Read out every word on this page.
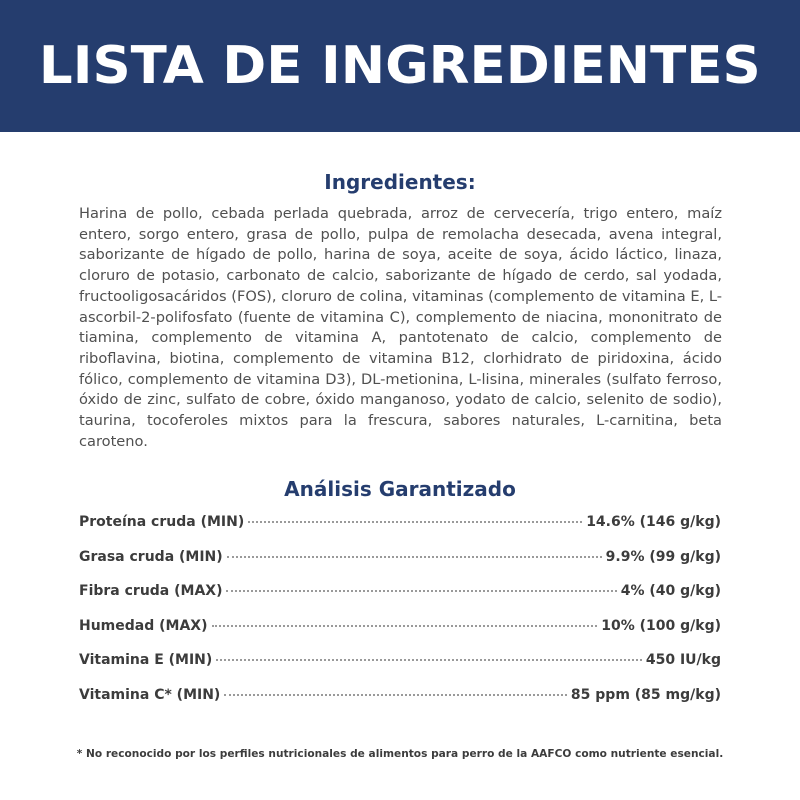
LISTA DE INGREDIENTES
Ingredientes:

Harina de pollo, cebada perlada quebrada, arroz de cervecería, trigo entero, maíz entero, sorgo entero, grasa de pollo, pulpa de remolacha desecada, avena integral, saborizante de hígado de pollo, harina de soya, aceite de soya, ácido láctico, linaza, cloruro de potasio, carbonato de calcio, saborizante de hígado de cerdo, sal yodada, fructooligosacáridos (FOS), cloruro de colina, vitaminas (complemento de vitamina E, L-ascorbil-2-polifosfato (fuente de vitamina C), complemento de niacina, mononitrato de tiamina, complemento de vitamina A, pantotenato de calcio, complemento de riboflavina, biotina, complemento de vitamina B12, clorhidrato de piridoxina, ácido fólico, complemento de vitamina D3), DL-metionina, L-lisina, minerales (sulfato ferroso, óxido de zinc, sulfato de cobre, óxido manganoso, yodato de calcio, selenito de sodio), taurina, tocoferoles mixtos para la frescura, sabores naturales, L-carnitina, beta caroteno.

Análisis Garantizado
Proteína cruda (MIN)	14.6% (146 g/kg)
Grasa cruda (MIN)	9.9% (99 g/kg)
Fibra cruda (MAX)	4% (40 g/kg)
Humedad (MAX)	10% (100 g/kg)
Vitamina E (MIN)	450 IU/kg
Vitamina C* (MIN)	85 ppm (85 mg/kg)

* No reconocido por los perfiles nutricionales de alimentos para perro de la AAFCO como nutriente esencial.
